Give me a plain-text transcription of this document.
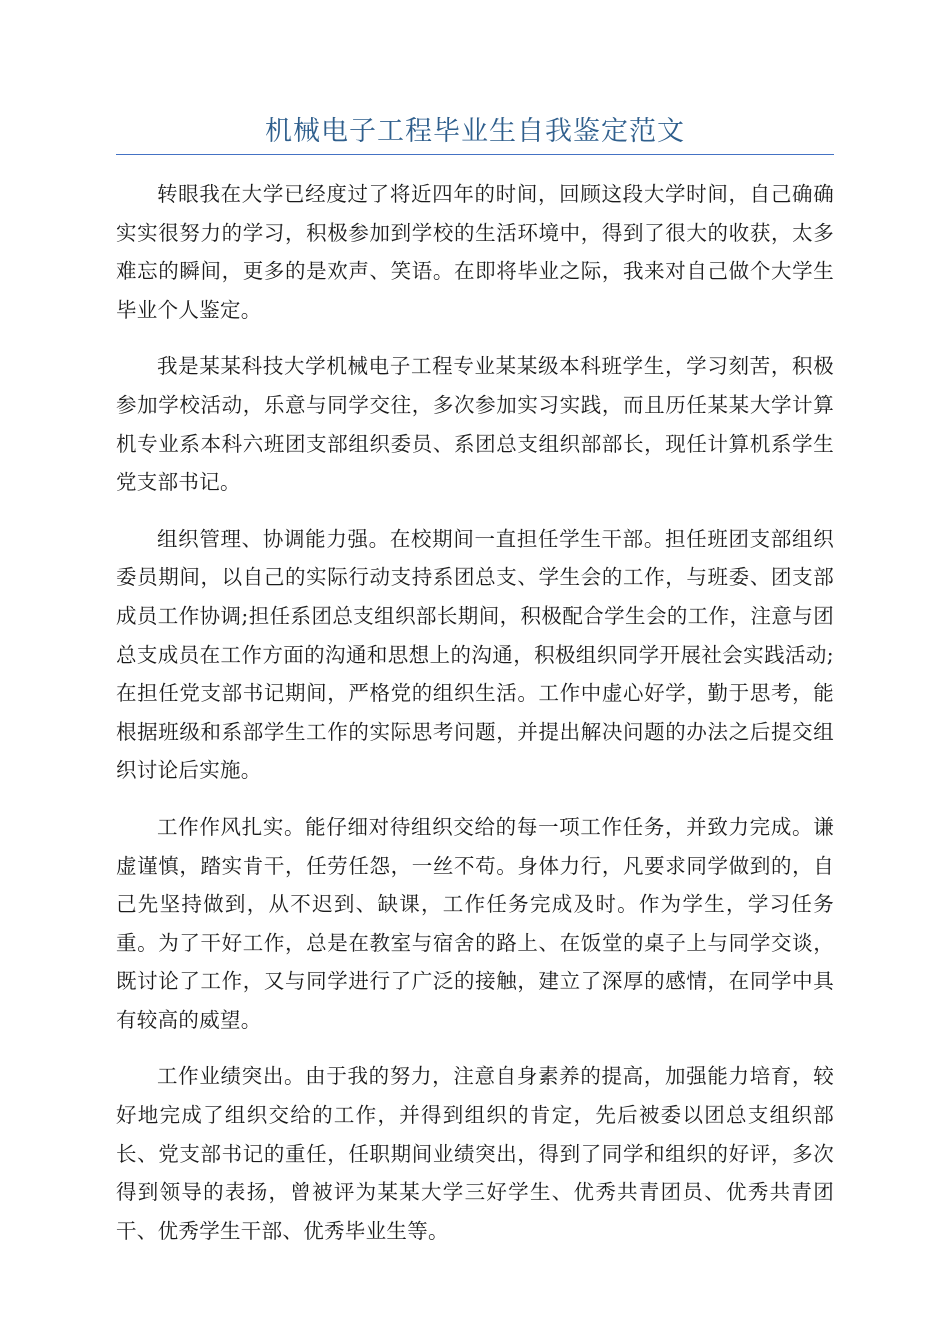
机械电子工程毕业生自我鉴定范文

转眼我在大学已经度过了将近四年的时间，回顾这段大学时间，自己确确实实很努力的学习，积极参加到学校的生活环境中，得到了很大的收获，太多难忘的瞬间，更多的是欢声、笑语。在即将毕业之际，我来对自己做个大学生毕业个人鉴定。

我是某某科技大学机械电子工程专业某某级本科班学生，学习刻苦，积极参加学校活动，乐意与同学交往，多次参加实习实践，而且历任某某大学计算机专业系本科六班团支部组织委员、系团总支组织部部长，现任计算机系学生党支部书记。

组织管理、协调能力强。在校期间一直担任学生干部。担任班团支部组织委员期间，以自己的实际行动支持系团总支、学生会的工作，与班委、团支部成员工作协调;担任系团总支组织部长期间，积极配合学生会的工作，注意与团总支成员在工作方面的沟通和思想上的沟通，积极组织同学开展社会实践活动;在担任党支部书记期间，严格党的组织生活。工作中虚心好学，勤于思考，能根据班级和系部学生工作的实际思考问题，并提出解决问题的办法之后提交组织讨论后实施。

工作作风扎实。能仔细对待组织交给的每一项工作任务，并致力完成。谦虚谨慎，踏实肯干，任劳任怨，一丝不苟。身体力行，凡要求同学做到的，自己先坚持做到，从不迟到、缺课，工作任务完成及时。作为学生，学习任务重。为了干好工作，总是在教室与宿舍的路上、在饭堂的桌子上与同学交谈，既讨论了工作，又与同学进行了广泛的接触，建立了深厚的感情，在同学中具有较高的威望。

工作业绩突出。由于我的努力，注意自身素养的提高，加强能力培育，较好地完成了组织交给的工作，并得到组织的肯定，先后被委以团总支组织部长、党支部书记的重任，任职期间业绩突出，得到了同学和组织的好评，多次得到领导的表扬，曾被评为某某大学三好学生、优秀共青团员、优秀共青团干、优秀学生干部、优秀毕业生等。
